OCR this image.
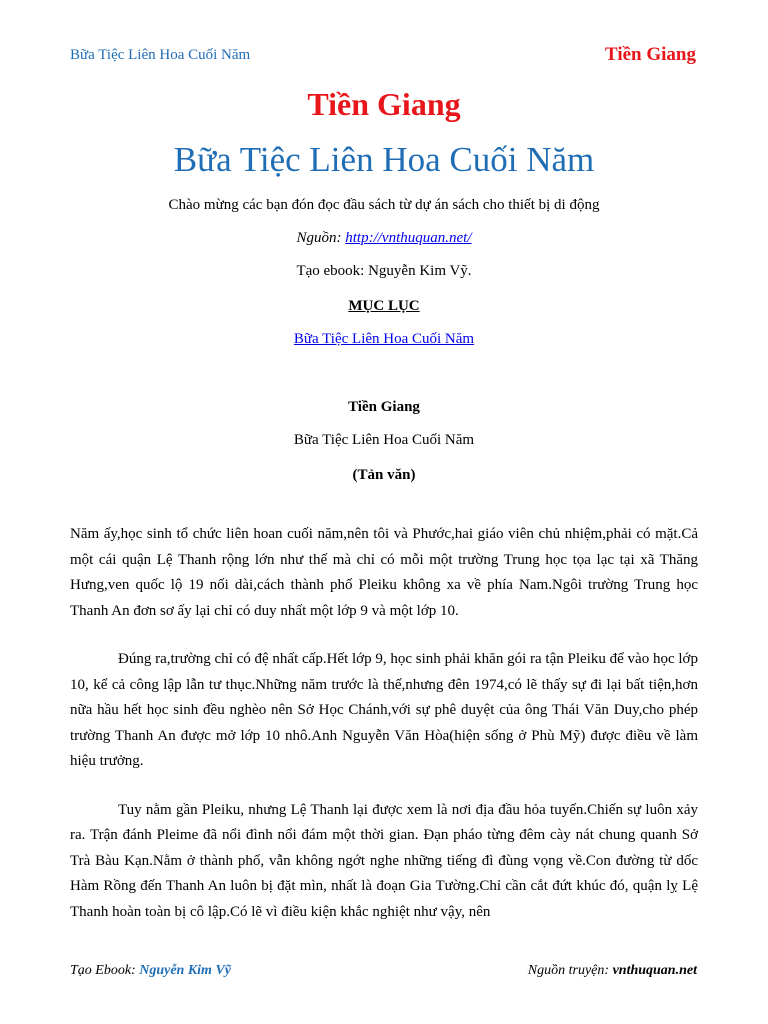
Bữa Tiệc Liên Hoa Cuối Năm	Tiền Giang
Tiền Giang
Bữa Tiệc Liên Hoa Cuối Năm
Chào mừng các bạn đón đọc đầu sách từ dự án sách cho thiết bị di động
Nguồn: http://vnthuquan.net/
Tạo ebook: Nguyễn Kim Vỹ.
MỤC LỤC
Bữa Tiệc Liên Hoa Cuối Năm
Tiền Giang
Bữa Tiệc Liên Hoa Cuối Năm
(Tản văn)

Năm ấy,học sinh tổ chức liên hoan cuối năm,nên tôi và Phước,hai giáo viên chủ nhiệm,phải có mặt.Cả một cái quận Lệ Thanh rộng lớn như thế mà chỉ có mỗi một trường Trung học tọa lạc tại xã Thăng Hưng,ven quốc lộ 19 nối dài,cách thành phố Pleiku không xa về phía Nam.Ngôi trường Trung học Thanh An đơn sơ ấy lại chỉ có duy nhất một lớp 9 và một lớp 10.

Đúng ra,trường chỉ có đệ nhất cấp.Hết lớp 9, học sinh phải khăn gói ra tận Pleiku để vào học lớp 10, kể cả công lập lẫn tư thục.Những năm trước là thế,nhưng đên 1974,có lẽ thấy sự đi lại bất tiện,hơn nữa hầu hết học sinh đều nghèo nên Sở Học Chánh,với sự phê duyệt của ông Thái Văn Duy,cho phép trường Thanh An được mở lớp 10 nhô.Anh Nguyễn Văn Hòa(hiện sống ở Phù Mỹ) được điều về làm hiệu trưởng.

Tuy nằm gần Pleiku, nhưng Lệ Thanh lại được xem là nơi địa đầu hỏa tuyến.Chiến sự luôn xảy ra. Trận đánh Pleime đã nổi đình nổi đám một thời gian. Đạn pháo từng đêm cày nát chung quanh Sở Trà Bàu Kạn.Nằm ở thành phố, vẫn không ngớt nghe những tiếng đì đùng vọng về.Con đường từ dốc Hàm Rồng đến Thanh An luôn bị đặt mìn, nhất là đoạn Gia Tường.Chỉ cần cắt đứt khúc đó, quận lỵ Lệ Thanh hoàn toàn bị cô lập.Có lẽ vì điều kiện khắc nghiệt như vậy, nên

Tạo Ebook: Nguyễn Kim Vỹ	Nguồn truyện: vnthuquan.net
